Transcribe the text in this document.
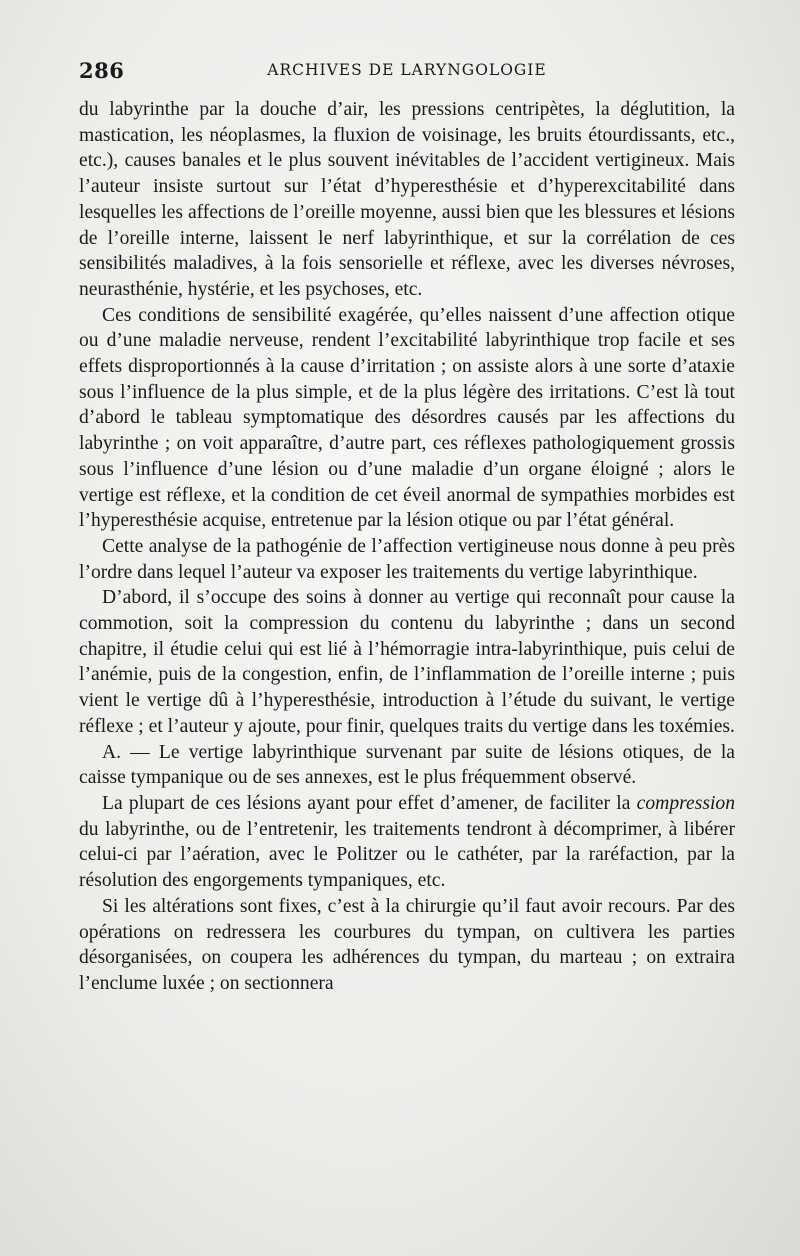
286	ARCHIVES DE LARYNGOLOGIE

du labyrinthe par la douche d’air, les pressions centripètes, la déglutition, la mastication, les néoplasmes, la fluxion de voisinage, les bruits étourdissants, etc., etc.), causes banales et le plus souvent inévitables de l’accident vertigineux. Mais l’auteur insiste surtout sur l’état d’hyperesthésie et d’hyperexcitabilité dans lesquelles les affections de l’oreille moyenne, aussi bien que les blessures et lésions de l’oreille interne, laissent le nerf labyrinthique, et sur la corrélation de ces sensibilités maladives, à la fois sensorielle et réflexe, avec les diverses névroses, neurasthénie, hystérie, et les psychoses, etc.

Ces conditions de sensibilité exagérée, qu’elles naissent d’une affection otique ou d’une maladie nerveuse, rendent l’excitabilité labyrinthique trop facile et ses effets disproportionnés à la cause d’irritation ; on assiste alors à une sorte d’ataxie sous l’influence de la plus simple, et de la plus légère des irritations. C’est là tout d’abord le tableau symptomatique des désordres causés par les affections du labyrinthe ; on voit apparaître, d’autre part, ces réflexes pathologiquement grossis sous l’influence d’une lésion ou d’une maladie d’un organe éloigné ; alors le vertige est réflexe, et la condition de cet éveil anormal de sympathies morbides est l’hyperesthésie acquise, entretenue par la lésion otique ou par l’état général.

Cette analyse de la pathogénie de l’affection vertigineuse nous donne à peu près l’ordre dans lequel l’auteur va exposer les traitements du vertige labyrinthique.

D’abord, il s’occupe des soins à donner au vertige qui reconnaît pour cause la commotion, soit la compression du contenu du labyrinthe ; dans un second chapitre, il étudie celui qui est lié à l’hémorragie intra-labyrinthique, puis celui de l’anémie, puis de la congestion, enfin, de l’inflammation de l’oreille interne ; puis vient le vertige dû à l’hyperesthésie, introduction à l’étude du suivant, le vertige réflexe ; et l’auteur y ajoute, pour finir, quelques traits du vertige dans les toxémies.

A. — Le vertige labyrinthique survenant par suite de lésions otiques, de la caisse tympanique ou de ses annexes, est le plus fréquemment observé.

La plupart de ces lésions ayant pour effet d’amener, de faciliter la compression du labyrinthe, ou de l’entretenir, les traitements tendront à décomprimer, à libérer celui-ci par l’aération, avec le Politzer ou le cathéter, par la raréfaction, par la résolution des engorgements tympaniques, etc.

Si les altérations sont fixes, c’est à la chirurgie qu’il faut avoir recours. Par des opérations on redressera les courbures du tympan, on cultivera les parties désorganisées, on coupera les adhérences du tympan, du marteau ; on extraira l’enclume luxée ; on sectionnera
